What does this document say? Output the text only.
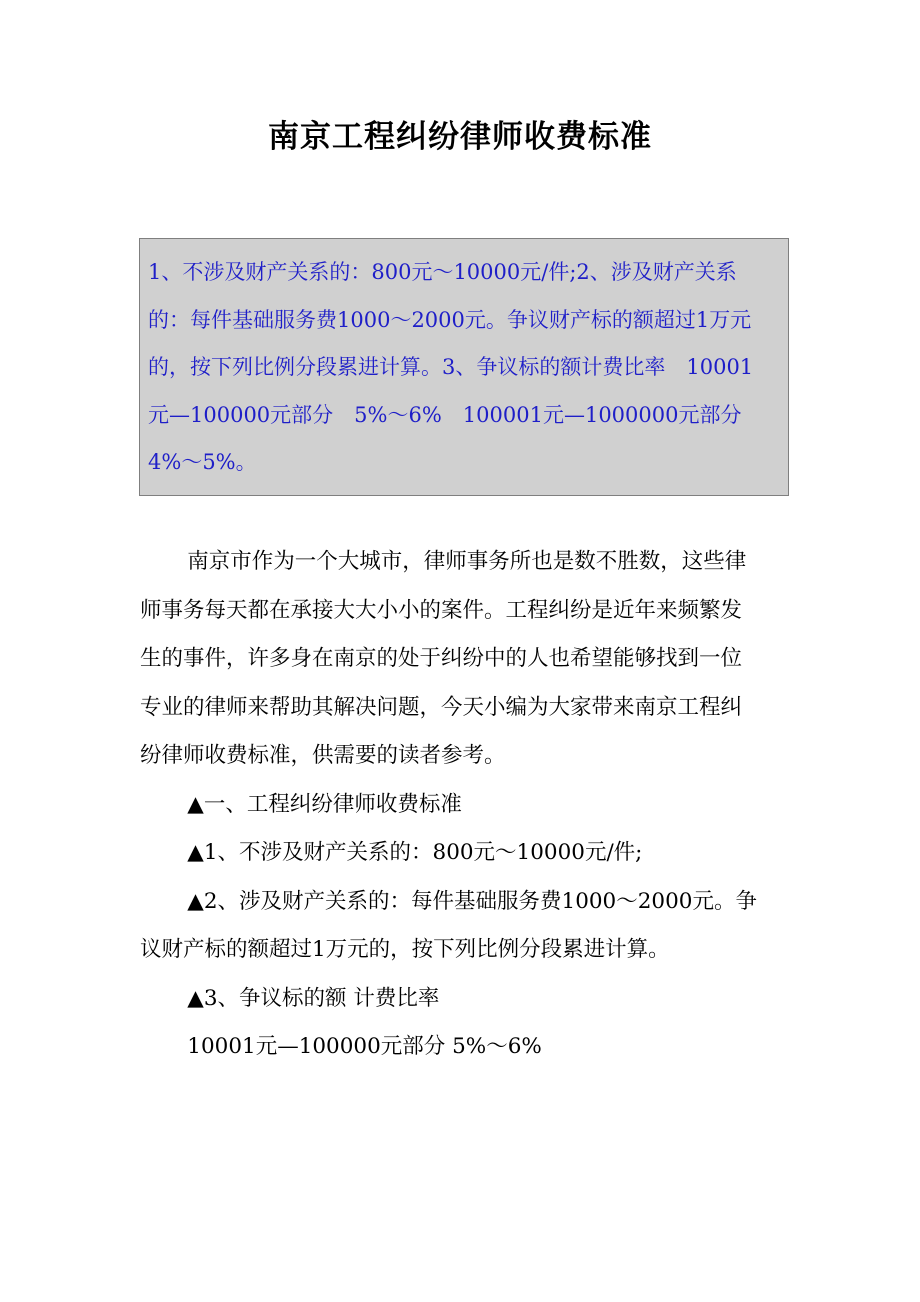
南京工程纠纷律师收费标准

1、不涉及财产关系的：800元～10000元/件;2、涉及财产关系的：每件基础服务费1000～2000元。争议财产标的额超过1万元的，按下列比例分段累进计算。3、争议标的额计费比率　10001元—100000元部分　5%～6%　100001元—1000000元部分 4%～5%。

南京市作为一个大城市，律师事务所也是数不胜数，这些律师事务每天都在承接大大小小的案件。工程纠纷是近年来频繁发生的事件，许多身在南京的处于纠纷中的人也希望能够找到一位专业的律师来帮助其解决问题，今天小编为大家带来南京工程纠纷律师收费标准，供需要的读者参考。

▲一、工程纠纷律师收费标准

▲1、不涉及财产关系的：800元～10000元/件;

▲2、涉及财产关系的：每件基础服务费1000～2000元。争议财产标的额超过1万元的，按下列比例分段累进计算。

▲3、争议标的额 计费比率

10001元—100000元部分 5%～6%
